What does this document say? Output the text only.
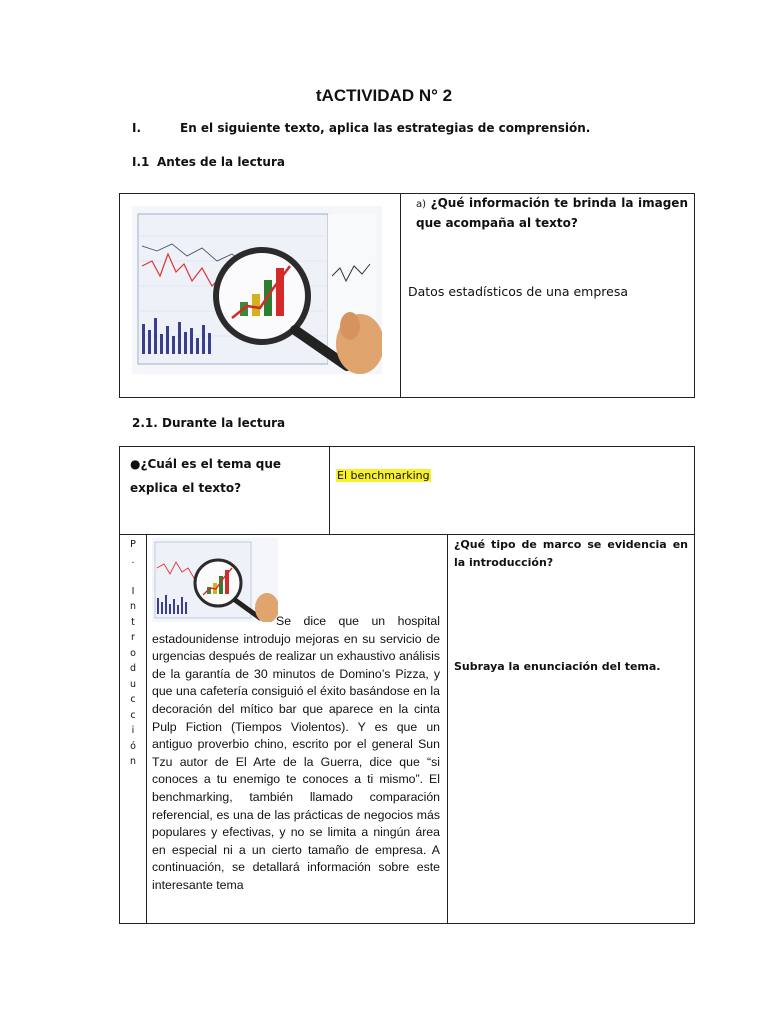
tACTIVIDAD N° 2
I.	En el siguiente texto, aplica las estrategias de comprensión.
I.1 Antes de la lectura
a) ¿Qué información te brinda la imagen que acompaña al texto?
Datos estadísticos de una empresa
2.1. Durante la lectura
●¿Cuál es el tema que explica el texto?
El benchmarking
P
.

I
n
t
r
o
d
u
c
c
i
ó
n
Se dice que un hospital estadounidense introdujo mejoras en su servicio de urgencias después de realizar un exhaustivo análisis de la garantía de 30 minutos de Domino’s Pizza, y que una cafetería consiguió el éxito basándose en la decoración del mítico bar que aparece en la cinta Pulp Fiction (Tiempos Violentos). Y es que un antiguo proverbio chino, escrito por el general Sun Tzu autor de El Arte de la Guerra, dice que “si conoces a tu enemigo te conoces a ti mismo”. El benchmarking, también llamado comparación referencial, es una de las prácticas de negocios más populares y efectivas, y no se limita a ningún área en especial ni a un cierto tamaño de empresa. A continuación, se detallará información sobre este interesante tema
¿Qué tipo de marco se evidencia en la introducción?
Subraya la enunciación del tema.
